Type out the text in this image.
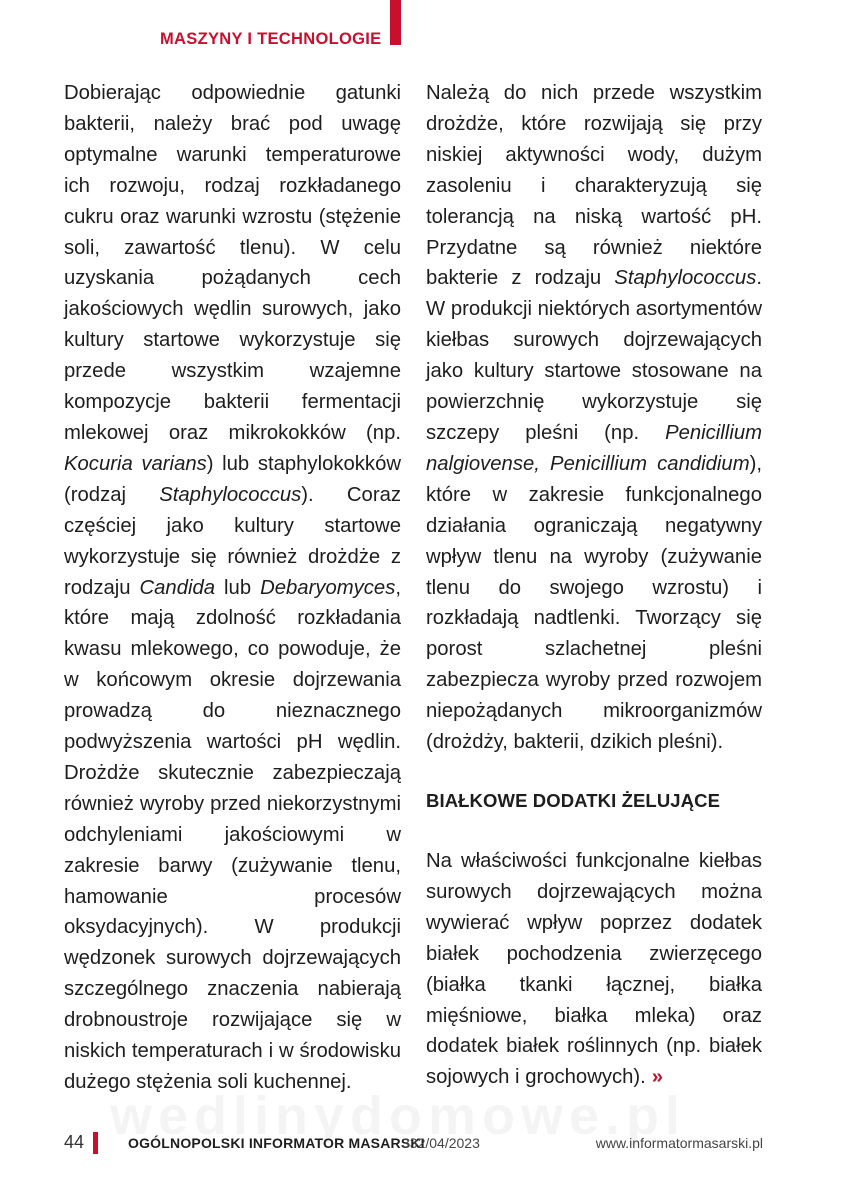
MASZYNY I TECHNOLOGIE

Dobierając odpowiednie gatunki bakterii, należy brać pod uwagę optymalne warunki temperaturowe ich rozwoju, rodzaj rozkładanego cukru oraz warunki wzrostu (stężenie soli, zawartość tlenu). W celu uzyskania pożądanych cech jakościowych wędlin surowych, jako kultury startowe wykorzystuje się przede wszystkim wzajemne kompozycje bakterii fermentacji mlekowej oraz mikrokokków (np. Kocuria varians) lub staphylokokków (rodzaj Staphylococcus). Coraz częściej jako kultury startowe wykorzystuje się również drożdże z rodzaju Candida lub Debaryomyces, które mają zdolność rozkładania kwasu mlekowego, co powoduje, że w końcowym okresie dojrzewania prowadzą do nieznacznego podwyższenia wartości pH wędlin. Drożdże skutecznie zabezpieczają również wyroby przed niekorzystnymi odchyleniami jakościowymi w zakresie barwy (zużywanie tlenu, hamowanie procesów oksydacyjnych). W produkcji wędzonek surowych dojrzewających szczególnego znaczenia nabierają drobnoustroje rozwijające się w niskich temperaturach i w środowisku dużego stężenia soli kuchennej.

Należą do nich przede wszystkim drożdże, które rozwijają się przy niskiej aktywności wody, dużym zasoleniu i charakteryzują się tolerancją na niską wartość pH. Przydatne są również niektóre bakterie z rodzaju Staphylococcus. W produkcji niektórych asortymentów kiełbas surowych dojrzewających jako kultury startowe stosowane na powierzchnię wykorzystuje się szczepy pleśni (np. Penicillium nalgiovense, Penicillium candidium), które w zakresie funkcjonalnego działania ograniczają negatywny wpływ tlenu na wyroby (zużywanie tlenu do swojego wzrostu) i rozkładają nadtlenki. Tworzący się porost szlachetnej pleśni zabezpiecza wyroby przed rozwojem niepożądanych mikroorganizmów (drożdży, bakterii, dzikich pleśni).

BIAŁKOWE DODATKI ŻELUJĄCE

Na właściwości funkcjonalne kiełbas surowych dojrzewających można wywierać wpływ poprzez dodatek białek pochodzenia zwierzęcego (białka tkanki łącznej, białka mięśniowe, białka mleka) oraz dodatek białek roślinnych (np. białek sojowych i grochowych). »

44	OGÓLNOPOLSKI INFORMATOR MASARSKI
332/04/2023	www.informatormasarski.pl
